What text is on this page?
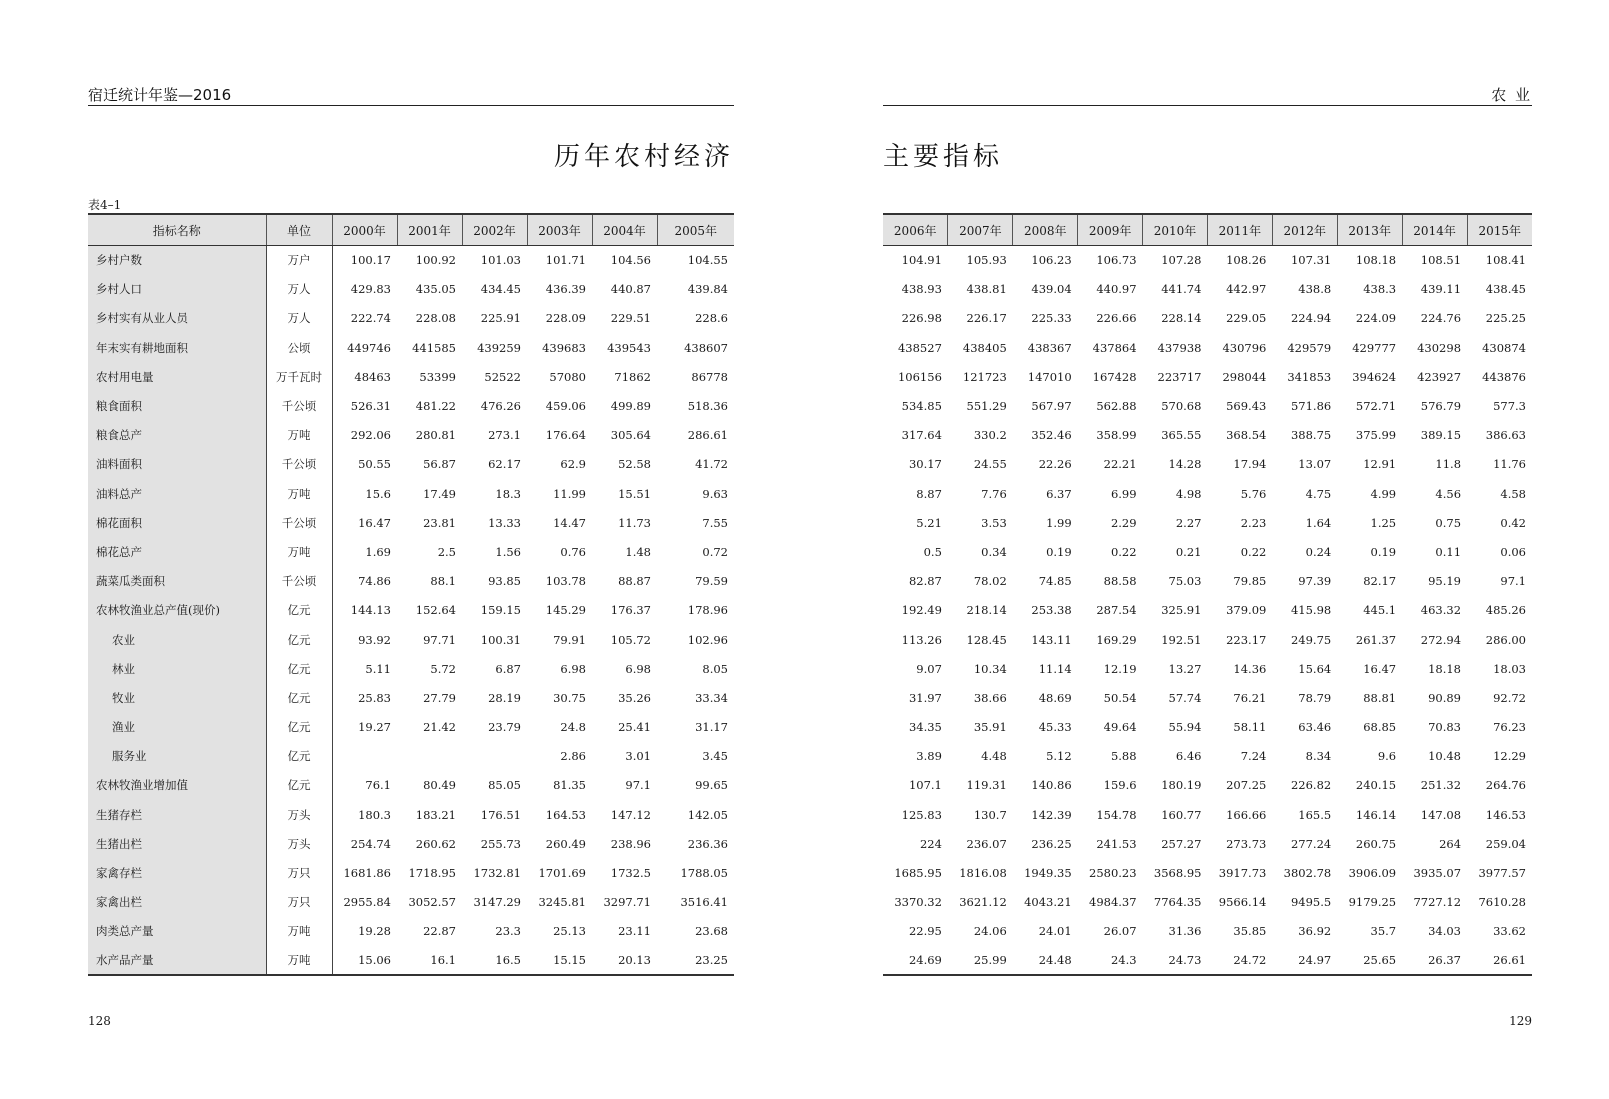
宿迁统计年鉴—2016
历年农村经济
表4–1
指标名称	单位	2000年	2001年	2002年	2003年	2004年	2005年
乡村户数	万户	100.17	100.92	101.03	101.71	104.56	104.55
乡村人口	万人	429.83	435.05	434.45	436.39	440.87	439.84
乡村实有从业人员	万人	222.74	228.08	225.91	228.09	229.51	228.6
年末实有耕地面积	公顷	449746	441585	439259	439683	439543	438607
农村用电量	万千瓦时	48463	53399	52522	57080	71862	86778
粮食面积	千公顷	526.31	481.22	476.26	459.06	499.89	518.36
粮食总产	万吨	292.06	280.81	273.1	176.64	305.64	286.61
油料面积	千公顷	50.55	56.87	62.17	62.9	52.58	41.72
油料总产	万吨	15.6	17.49	18.3	11.99	15.51	9.63
棉花面积	千公顷	16.47	23.81	13.33	14.47	11.73	7.55
棉花总产	万吨	1.69	2.5	1.56	0.76	1.48	0.72
蔬菜瓜类面积	千公顷	74.86	88.1	93.85	103.78	88.87	79.59
农林牧渔业总产值(现价)	亿元	144.13	152.64	159.15	145.29	176.37	178.96
农业	亿元	93.92	97.71	100.31	79.91	105.72	102.96
林业	亿元	5.11	5.72	6.87	6.98	6.98	8.05
牧业	亿元	25.83	27.79	28.19	30.75	35.26	33.34
渔业	亿元	19.27	21.42	23.79	24.8	25.41	31.17
服务业	亿元				2.86	3.01	3.45
农林牧渔业增加值	亿元	76.1	80.49	85.05	81.35	97.1	99.65
生猪存栏	万头	180.3	183.21	176.51	164.53	147.12	142.05
生猪出栏	万头	254.74	260.62	255.73	260.49	238.96	236.36
家禽存栏	万只	1681.86	1718.95	1732.81	1701.69	1732.5	1788.05
家禽出栏	万只	2955.84	3052.57	3147.29	3245.81	3297.71	3516.41
肉类总产量	万吨	19.28	22.87	23.3	25.13	23.11	23.68
水产品产量	万吨	15.06	16.1	16.5	15.15	20.13	23.25
128
农 业
主要指标
2006年	2007年	2008年	2009年	2010年	2011年	2012年	2013年	2014年	2015年
104.91	105.93	106.23	106.73	107.28	108.26	107.31	108.18	108.51	108.41
438.93	438.81	439.04	440.97	441.74	442.97	438.8	438.3	439.11	438.45
226.98	226.17	225.33	226.66	228.14	229.05	224.94	224.09	224.76	225.25
438527	438405	438367	437864	437938	430796	429579	429777	430298	430874
106156	121723	147010	167428	223717	298044	341853	394624	423927	443876
534.85	551.29	567.97	562.88	570.68	569.43	571.86	572.71	576.79	577.3
317.64	330.2	352.46	358.99	365.55	368.54	388.75	375.99	389.15	386.63
30.17	24.55	22.26	22.21	14.28	17.94	13.07	12.91	11.8	11.76
8.87	7.76	6.37	6.99	4.98	5.76	4.75	4.99	4.56	4.58
5.21	3.53	1.99	2.29	2.27	2.23	1.64	1.25	0.75	0.42
0.5	0.34	0.19	0.22	0.21	0.22	0.24	0.19	0.11	0.06
82.87	78.02	74.85	88.58	75.03	79.85	97.39	82.17	95.19	97.1
192.49	218.14	253.38	287.54	325.91	379.09	415.98	445.1	463.32	485.26
113.26	128.45	143.11	169.29	192.51	223.17	249.75	261.37	272.94	286.00
9.07	10.34	11.14	12.19	13.27	14.36	15.64	16.47	18.18	18.03
31.97	38.66	48.69	50.54	57.74	76.21	78.79	88.81	90.89	92.72
34.35	35.91	45.33	49.64	55.94	58.11	63.46	68.85	70.83	76.23
3.89	4.48	5.12	5.88	6.46	7.24	8.34	9.6	10.48	12.29
107.1	119.31	140.86	159.6	180.19	207.25	226.82	240.15	251.32	264.76
125.83	130.7	142.39	154.78	160.77	166.66	165.5	146.14	147.08	146.53
224	236.07	236.25	241.53	257.27	273.73	277.24	260.75	264	259.04
1685.95	1816.08	1949.35	2580.23	3568.95	3917.73	3802.78	3906.09	3935.07	3977.57
3370.32	3621.12	4043.21	4984.37	7764.35	9566.14	9495.5	9179.25	7727.12	7610.28
22.95	24.06	24.01	26.07	31.36	35.85	36.92	35.7	34.03	33.62
24.69	25.99	24.48	24.3	24.73	24.72	24.97	25.65	26.37	26.61
129
